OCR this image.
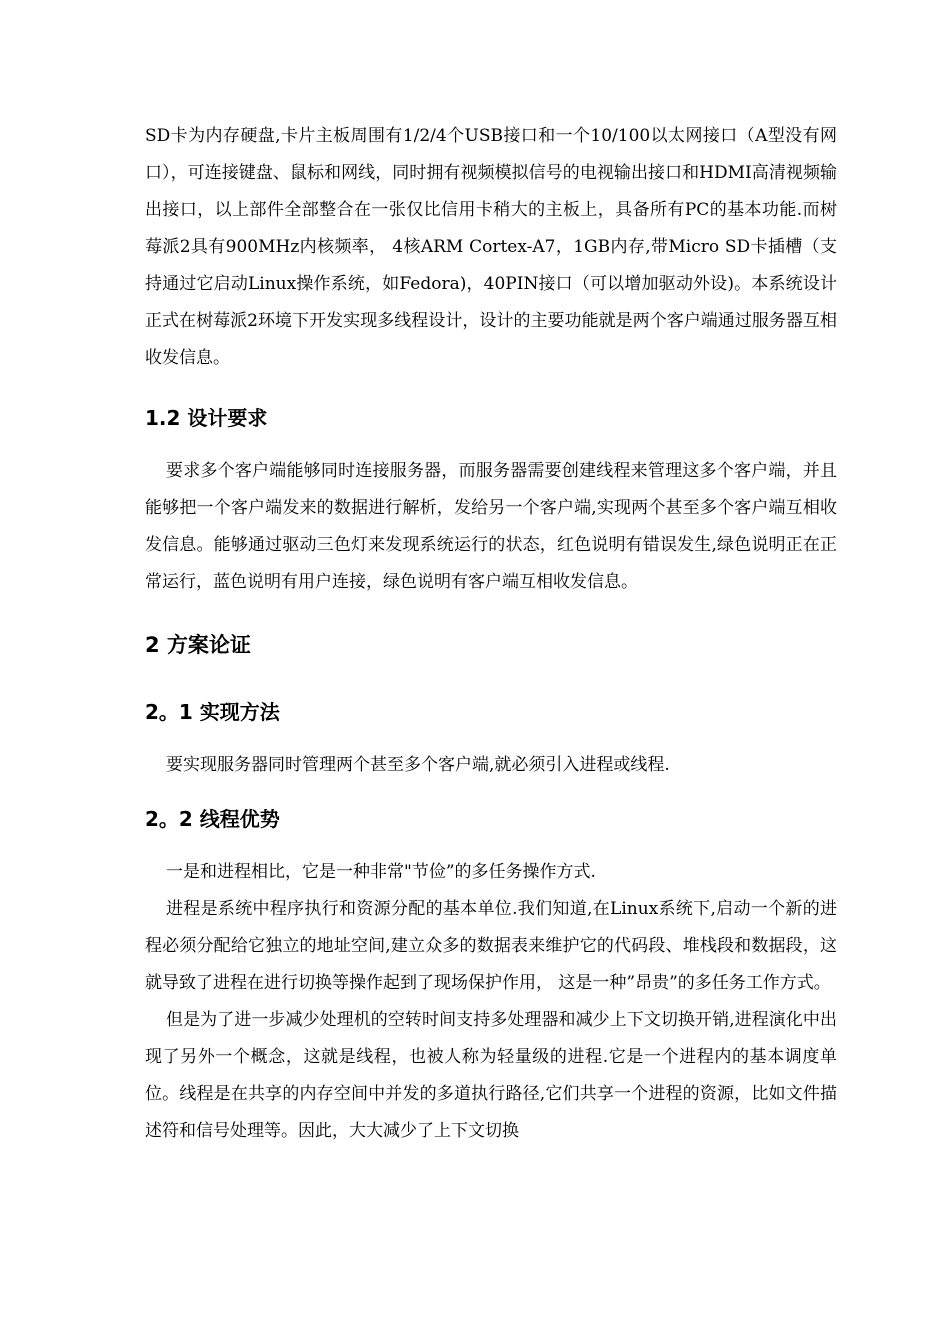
SD卡为内存硬盘,卡片主板周围有1/2/4个USB接口和一个10/100以太网接口（A型没有网口），可连接键盘、鼠标和网线，同时拥有视频模拟信号的电视输出接口和HDMI高清视频输出接口，以上部件全部整合在一张仅比信用卡稍大的主板上，具备所有PC的基本功能.而树莓派2具有900MHz内核频率， 4核ARM Cortex-A7，1GB内存,带Micro SD卡插槽（支持通过它启动Linux操作系统，如Fedora)，40PIN接口（可以增加驱动外设)。本系统设计正式在树莓派2环境下开发实现多线程设计，设计的主要功能就是两个客户端通过服务器互相收发信息。

1.2 设计要求

要求多个客户端能够同时连接服务器，而服务器需要创建线程来管理这多个客户端，并且能够把一个客户端发来的数据进行解析，发给另一个客户端,实现两个甚至多个客户端互相收发信息。能够通过驱动三色灯来发现系统运行的状态，红色说明有错误发生,绿色说明正在正常运行，蓝色说明有用户连接，绿色说明有客户端互相收发信息。

2 方案论证
2。1 实现方法

要实现服务器同时管理两个甚至多个客户端,就必须引入进程或线程.

2。2 线程优势

一是和进程相比，它是一种非常"节俭”的多任务操作方式.

进程是系统中程序执行和资源分配的基本单位.我们知道,在Linux系统下,启动一个新的进程必须分配给它独立的地址空间,建立众多的数据表来维护它的代码段、堆栈段和数据段，这就导致了进程在进行切换等操作起到了现场保护作用， 这是一种”昂贵”的多任务工作方式。

但是为了进一步减少处理机的空转时间支持多处理器和减少上下文切换开销,进程演化中出现了另外一个概念，这就是线程，也被人称为轻量级的进程.它是一个进程内的基本调度单位。线程是在共享的内存空间中并发的多道执行路径,它们共享一个进程的资源，比如文件描述符和信号处理等。因此，大大减少了上下文切换
